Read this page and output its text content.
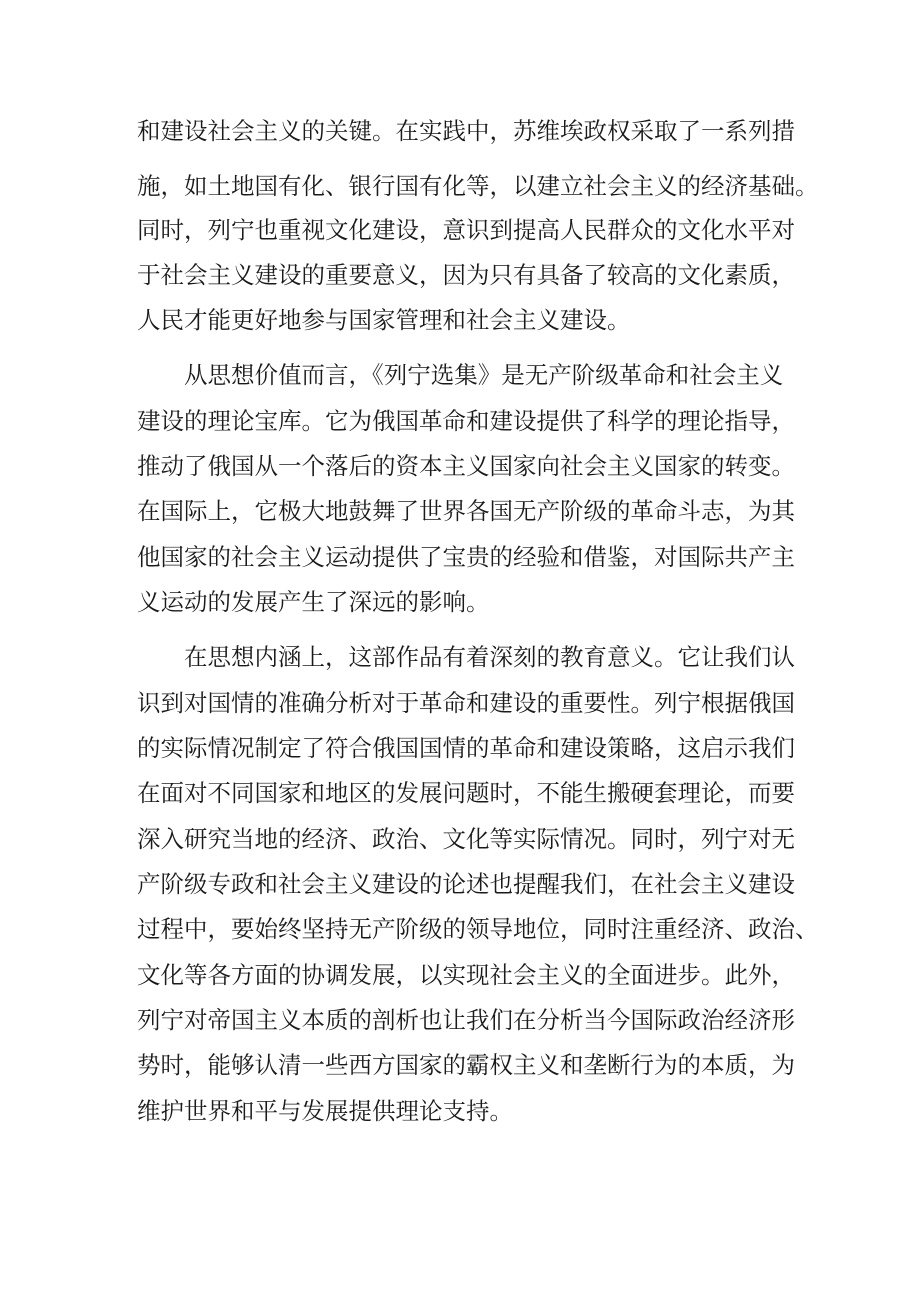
和建设社会主义的关键。在实践中，苏维埃政权采取了一系列措
施，如土地国有化、银行国有化等，以建立社会主义的经济基础。
同时，列宁也重视文化建设，意识到提高人民群众的文化水平对
于社会主义建设的重要意义，因为只有具备了较高的文化素质，
人民才能更好地参与国家管理和社会主义建设。
从思想价值而言，《列宁选集》是无产阶级革命和社会主义
建设的理论宝库。它为俄国革命和建设提供了科学的理论指导，
推动了俄国从一个落后的资本主义国家向社会主义国家的转变。
在国际上，它极大地鼓舞了世界各国无产阶级的革命斗志，为其
他国家的社会主义运动提供了宝贵的经验和借鉴，对国际共产主
义运动的发展产生了深远的影响。
在思想内涵上，这部作品有着深刻的教育意义。它让我们认
识到对国情的准确分析对于革命和建设的重要性。列宁根据俄国
的实际情况制定了符合俄国国情的革命和建设策略，这启示我们
在面对不同国家和地区的发展问题时，不能生搬硬套理论，而要
深入研究当地的经济、政治、文化等实际情况。同时，列宁对无
产阶级专政和社会主义建设的论述也提醒我们，在社会主义建设
过程中，要始终坚持无产阶级的领导地位，同时注重经济、政治、
文化等各方面的协调发展，以实现社会主义的全面进步。此外，
列宁对帝国主义本质的剖析也让我们在分析当今国际政治经济形
势时，能够认清一些西方国家的霸权主义和垄断行为的本质，为
维护世界和平与发展提供理论支持。
